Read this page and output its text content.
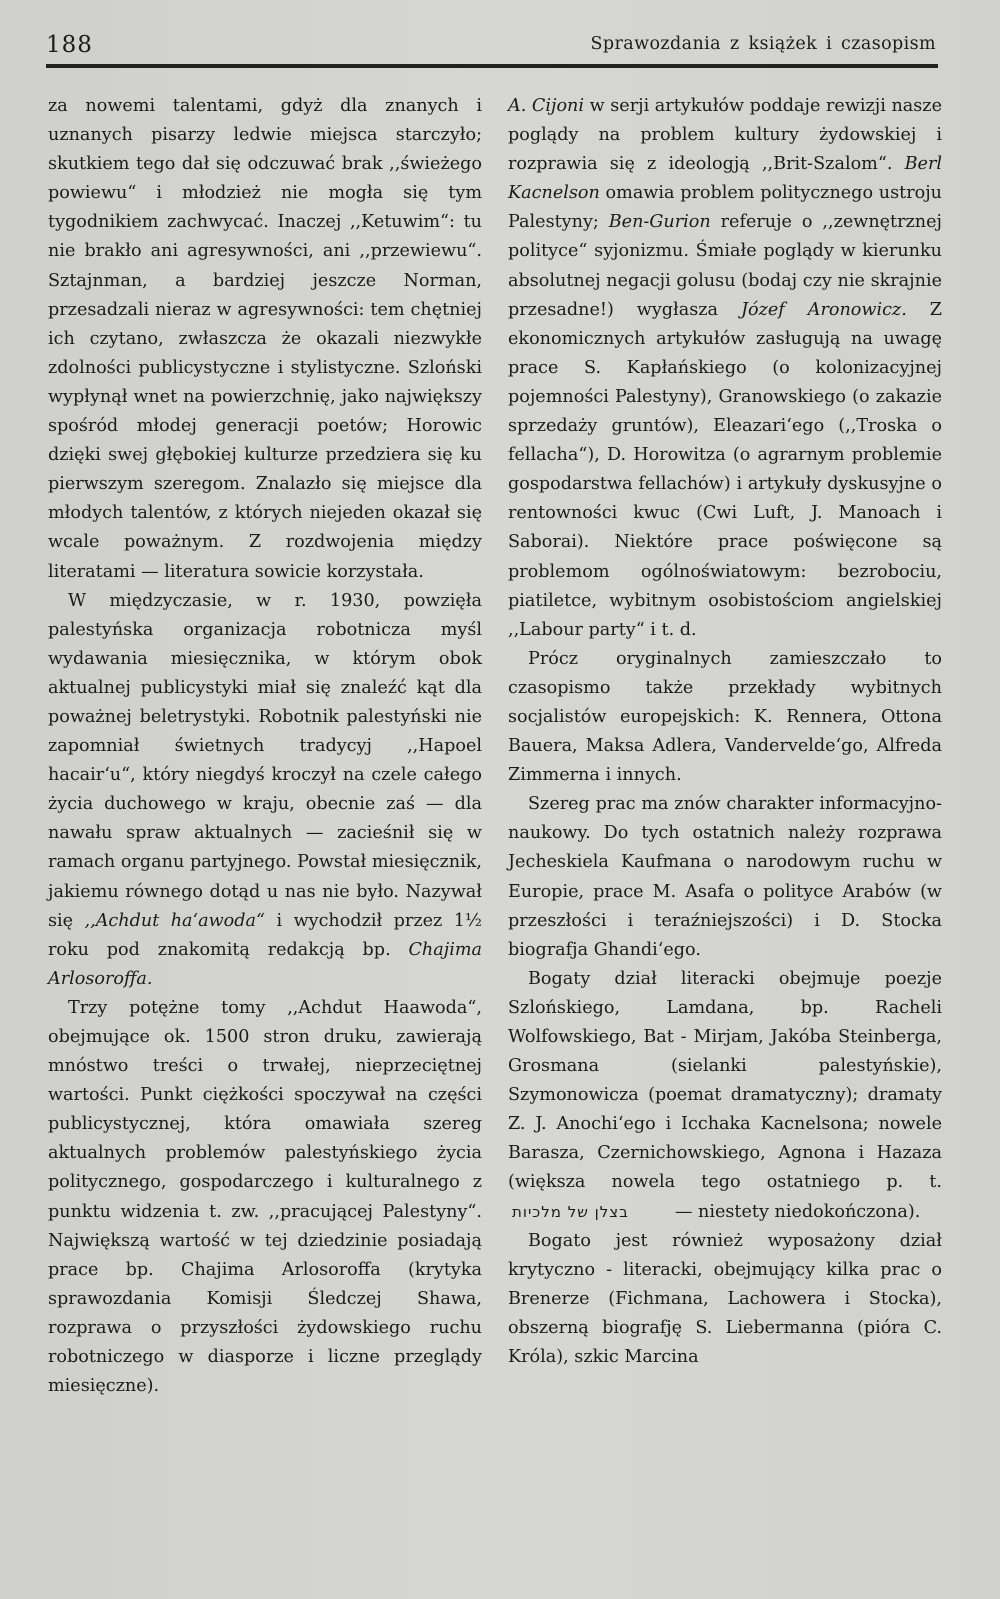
188	Sprawozdania z książek i czasopism

za nowemi talentami, gdyż dla znanych i uznanych pisarzy ledwie miejsca starczyło; skutkiem tego dał się odczuwać brak ,,świeżego powiewu“ i młodzież nie mogła się tym tygodnikiem zachwycać. Inaczej ,,Ketuwim“: tu nie brakło ani agresywności, ani ,,przewiewu“. Sztajnman, a bardziej jeszcze Norman, przesadzali nieraz w agresywności: tem chętniej ich czytano, zwłaszcza że okazali niezwykłe zdolności publicystyczne i stylistyczne. Szloński wypłynął wnet na powierzchnię, jako największy spośród młodej generacji poetów; Horowic dzięki swej głębokiej kulturze przedziera się ku pierwszym szeregom. Znalazło się miejsce dla młodych talentów, z których niejeden okazał się wcale poważnym. Z rozdwojenia między literatami — literatura sowicie korzystała.

W międzyczasie, w r. 1930, powzięła palestyńska organizacja robotnicza myśl wydawania miesięcznika, w którym obok aktualnej publicystyki miał się znaleźć kąt dla poważnej beletrystyki. Robotnik palestyński nie zapomniał świetnych tradycyj ,,Hapoel hacair‘u“, który niegdyś kroczył na czele całego życia duchowego w kraju, obecnie zaś — dla nawału spraw aktualnych — zacieśnił się w ramach organu partyjnego. Powstał miesięcznik, jakiemu równego dotąd u nas nie było. Nazywał się ,,Achdut ha‘awoda“ i wychodził przez 1½ roku pod znakomitą redakcją bp. Chajima Arlosoroffa.

Trzy potężne tomy ,,Achdut Haawoda“, obejmujące ok. 1500 stron druku, zawierają mnóstwo treści o trwałej, nieprzeciętnej wartości. Punkt ciężkości spoczywał na części publicystycznej, która omawiała szereg aktualnych problemów palestyńskiego życia politycznego, gospodarczego i kulturalnego z punktu widzenia t. zw. ,,pracującej Palestyny“. Największą wartość w tej dziedzinie posiadają prace bp. Chajima Arlosoroffa (krytyka sprawozdania Komisji Śledczej Shawa, rozprawa o przyszłości żydowskiego ruchu robotniczego w diasporze i liczne przeglądy miesięczne).

A. Cijoni w serji artykułów poddaje rewizji nasze poglądy na problem kultury żydowskiej i rozprawia się z ideologją ,,Brit-Szalom“. Berl Kacnelson omawia problem politycznego ustroju Palestyny; Ben-Gurion referuje o ,,zewnętrznej polityce“ syjonizmu. Śmiałe poglądy w kierunku absolutnej negacji golusu (bodaj czy nie skrajnie przesadne!) wygłasza Józef Aronowicz. Z ekonomicznych artykułów zasługują na uwagę prace S. Kapłańskiego (o kolonizacyjnej pojemności Palestyny), Granowskiego (o zakazie sprzedaży gruntów), Eleazari‘ego (,,Troska o fellacha“), D. Horowitza (o agrarnym problemie gospodarstwa fellachów) i artykuły dyskusyjne o rentowności kwuc (Cwi Luft, J. Manoach i Saborai). Niektóre prace poświęcone są problemom ogólnoświatowym: bezrobociu, piatiletce, wybitnym osobistościom angielskiej ,,Labour party“ i t. d.

Prócz oryginalnych zamieszczało to czasopismo także przekłady wybitnych socjalistów europejskich: K. Rennera, Ottona Bauera, Maksa Adlera, Vandervelde‘go, Alfreda Zimmerna i innych.

Szereg prac ma znów charakter informacyjno-naukowy. Do tych ostatnich należy rozprawa Jecheskiela Kaufmana o narodowym ruchu w Europie, prace M. Asafa o polityce Arabów (w przeszłości i teraźniejszości) i D. Stocka biografja Ghandi‘ego.

Bogaty dział literacki obejmuje poezje Szlońskiego, Lamdana, bp. Racheli Wolfowskiego, Bat - Mirjam, Jakóba Steinberga, Grosmana (sielanki palestyńskie), Szymonowicza (poemat dramatyczny); dramaty Z. J. Anochi‘ego i Icchaka Kacnelsona; nowele Barasza, Czernichowskiego, Agnona i Hazaza (większa nowela tego ostatniego p. t. בצלן של מלכיות	— niestety niedokończona).

Bogato jest również wyposażony dział krytyczno - literacki, obejmujący kilka prac o Brenerze (Fichmana, Lachowera i Stocka), obszerną biografję S. Liebermanna (pióra C. Króla), szkic Marcina
